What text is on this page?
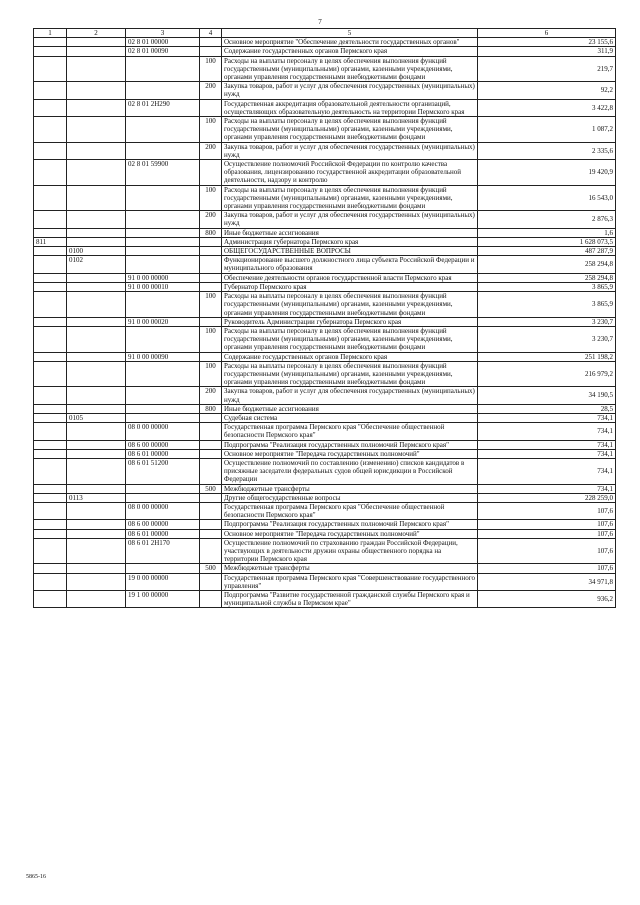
7
1	2	3	4	5	6
		02 8 01 00000		Основное мероприятие "Обеспечение деятельности государственных органов"	23 155,6
		02 8 01 00090		Содержание государственных органов Пермского края	311,9
			100	Расходы на выплаты персоналу в целях обеспечения выполнения функций государственными (муниципальными) органами, казенными учреждениями, органами управления государственными внебюджетными фондами	219,7
			200	Закупка товаров, работ и услуг для обеспечения государственных (муниципальных) нужд	92,2
		02 8 01 2H290		Государственная аккредитация образовательной деятельности организаций, осуществляющих образовательную деятельность на территории Пермского края	3 422,8
			100	Расходы на выплаты персоналу в целях обеспечения выполнения функций государственными (муниципальными) органами, казенными учреждениями, органами управления государственными внебюджетными фондами	1 087,2
			200	Закупка товаров, работ и услуг для обеспечения государственных (муниципальных) нужд	2 335,6
		02 8 01 59900		Осуществление полномочий Российской Федерации по контролю качества образования, лицензированию государственной аккредитации образовательной деятельности, надзору и контролю	19 420,9
			100	Расходы на выплаты персоналу в целях обеспечения выполнения функций государственными (муниципальными) органами, казенными учреждениями, органами управления государственными внебюджетными фондами	16 543,0
			200	Закупка товаров, работ и услуг для обеспечения государственных (муниципальных) нужд	2 876,3
			800	Иные бюджетные ассигнования	1,6
811				Администрация губернатора Пермского края	1 628 073,5
	0100			ОБЩЕГОСУДАРСТВЕННЫЕ ВОПРОСЫ	487 287,9
	0102			Функционирование высшего должностного лица субъекта Российской Федерации и муниципального образования	258 294,8
		91 0 00 00000		Обеспечение деятельности органов государственной власти Пермского края	258 294,8
		91 0 00 00010		Губернатор Пермского края	3 865,9
			100	Расходы на выплаты персоналу в целях обеспечения выполнения функций государственными (муниципальными) органами, казенными учреждениями, органами управления государственными внебюджетными фондами	3 865,9
		91 0 00 00020		Руководитель Администрации губернатора Пермского края	3 230,7
			100	Расходы на выплаты персоналу в целях обеспечения выполнения функций государственными (муниципальными) органами, казенными учреждениями, органами управления государственными внебюджетными фондами	3 230,7
		91 0 00 00090		Содержание государственных органов Пермского края	251 198,2
			100	Расходы на выплаты персоналу в целях обеспечения выполнения функций государственными (муниципальными) органами, казенными учреждениями, органами управления государственными внебюджетными фондами	216 979,2
			200	Закупка товаров, работ и услуг для обеспечения государственных (муниципальных) нужд	34 190,5
			800	Иные бюджетные ассигнования	28,5
	0105			Судебная система	734,1
		08 0 00 00000		Государственная программа Пермского края "Обеспечение общественной безопасности Пермского края"	734,1
		08 6 00 00000		Подпрограмма "Реализация государственных полномочий Пермского края"	734,1
		08 6 01 00000		Основное мероприятие "Передача государственных полномочий"	734,1
		08 6 01 51200		Осуществление полномочий по составлению (изменению) списков кандидатов в присяжные заседатели федеральных судов общей юрисдикции в Российской Федерации	734,1
			500	Межбюджетные трансферты	734,1
	0113			Другие общегосударственные вопросы	228 259,0
		08 0 00 00000		Государственная программа Пермского края "Обеспечение общественной безопасности Пермского края"	107,6
		08 6 00 00000		Подпрограмма "Реализация государственных полномочий Пермского края"	107,6
		08 6 01 00000		Основное мероприятие "Передача государственных полномочий"	107,6
		08 6 01 2H170		Осуществление полномочий по страхованию граждан Российской Федерации, участвующих в деятельности дружин охраны общественного порядка на территории Пермского края	107,6
			500	Межбюджетные трансферты	107,6
		19 0 00 00000		Государственная программа Пермского края "Совершенствование государственного управления"	34 971,8
		19 1 00 00000		Подпрограмма "Развитие государственной гражданской службы Пермского края и муниципальной службы в Пермском крае"	936,2
5865-16
